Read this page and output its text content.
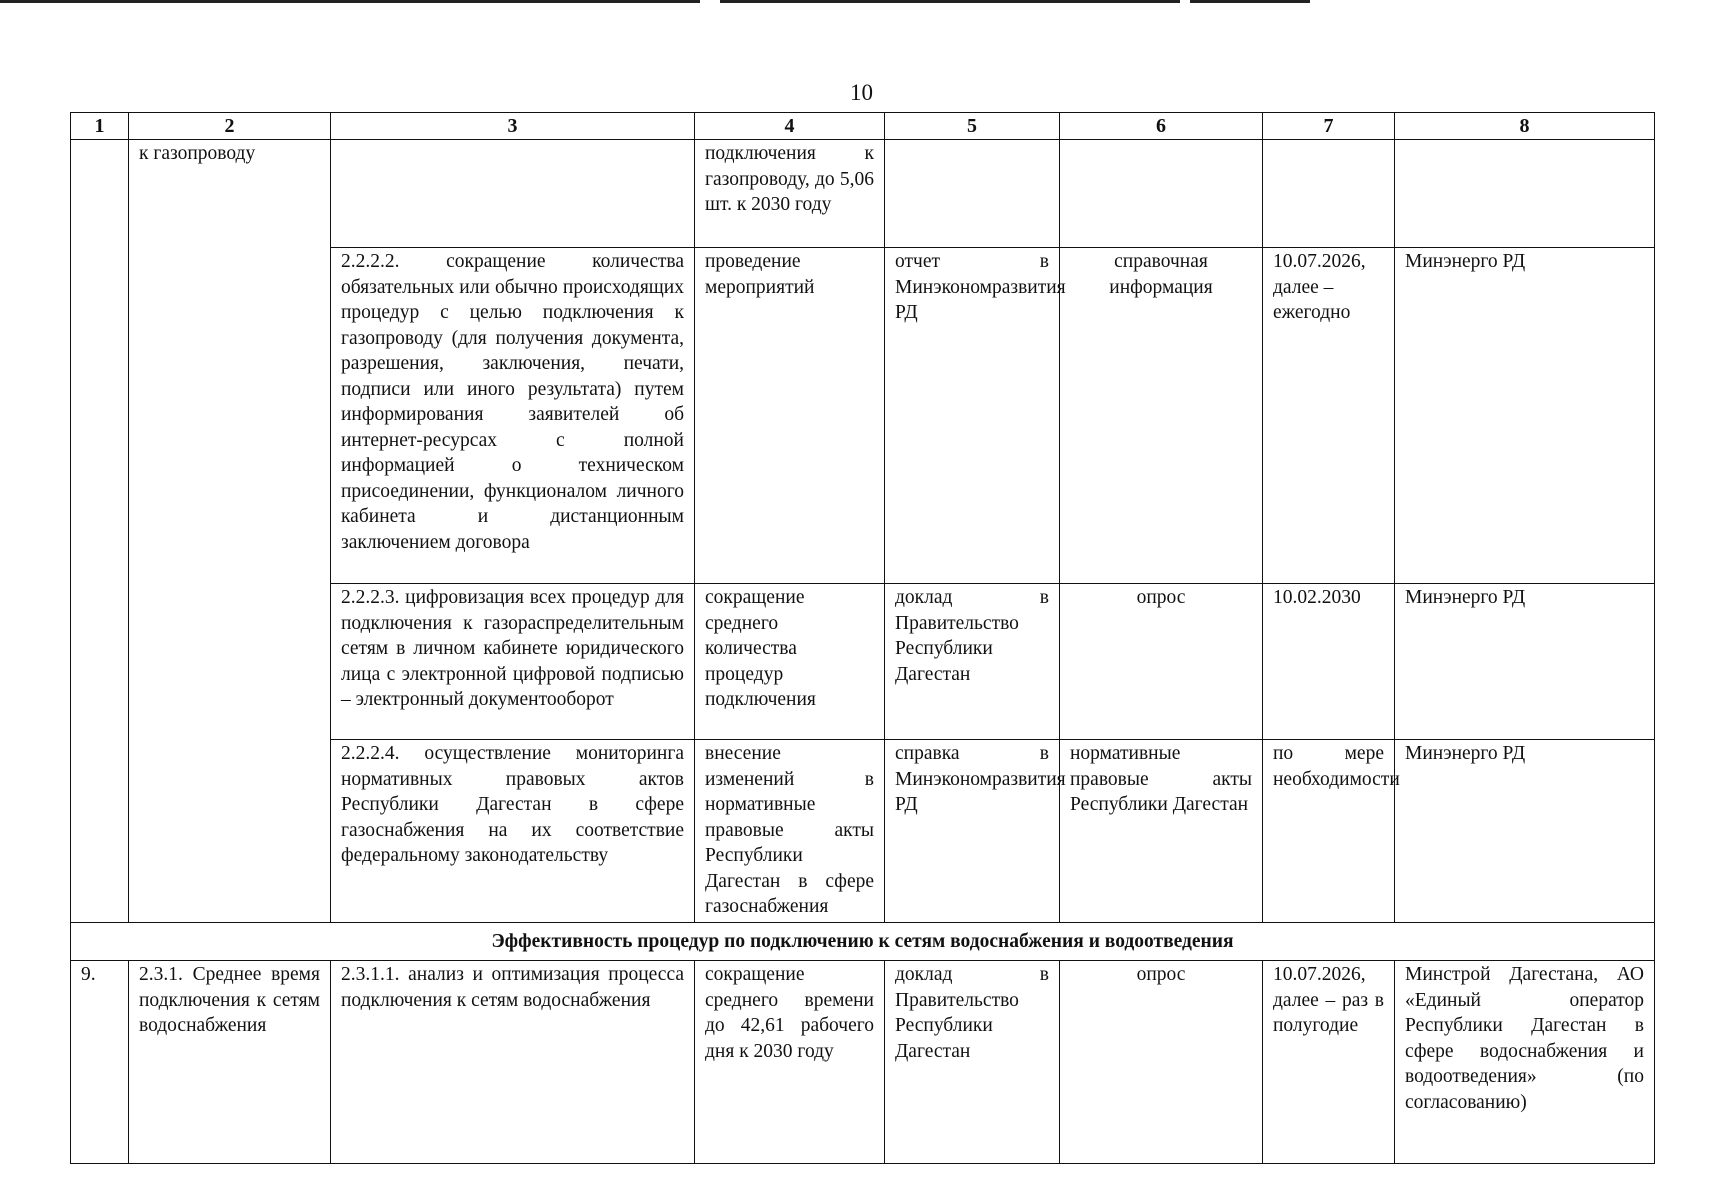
10
1	2	3	4	5	6	7	8
	к газопроводу		подключения к газопроводу, до 5,06 шт. к 2030 году				
		2.2.2.2. сокращение количества обязательных или обычно происходящих процедур с целью подключения к газопроводу (для получения документа, разрешения, заключения, печати, подписи или иного результата) путем информирования заявителей об интернет-ресурсах с полной информацией о техническом присоединении, функционалом личного кабинета и дистанционным заключением договора	проведение мероприятий	отчет в Минэкономразвития РД	справочная информация	10.07.2026, далее – ежегодно	Минэнерго РД
		2.2.2.3. цифровизация всех процедур для подключения к газораспределительным сетям в личном кабинете юридического лица с электронной цифровой подписью – электронный документооборот	сокращение среднего количества процедур подключения	доклад в Правительство Республики Дагестан	опрос	10.02.2030	Минэнерго РД
		2.2.2.4. осуществление мониторинга нормативных правовых актов Республики Дагестан в сфере газоснабжения на их соответствие федеральному законодательству	внесение изменений в нормативные правовые акты Республики Дагестан в сфере газоснабжения	справка в Минэкономразвития РД	нормативные правовые акты Республики Дагестан	по мере необходимости	Минэнерго РД
Эффективность процедур по подключению к сетям водоснабжения и водоотведения							
9.	2.3.1. Среднее время подключения к сетям водоснабжения	2.3.1.1. анализ и оптимизация процесса подключения к сетям водоснабжения	сокращение среднего времени до 42,61 рабочего дня к 2030 году	доклад в Правительство Республики Дагестан	опрос	10.07.2026, далее – раз в полугодие	Минстрой Дагестана, АО «Единый оператор Республики Дагестан в сфере водоснабжения и водоотведения» (по согласованию)
